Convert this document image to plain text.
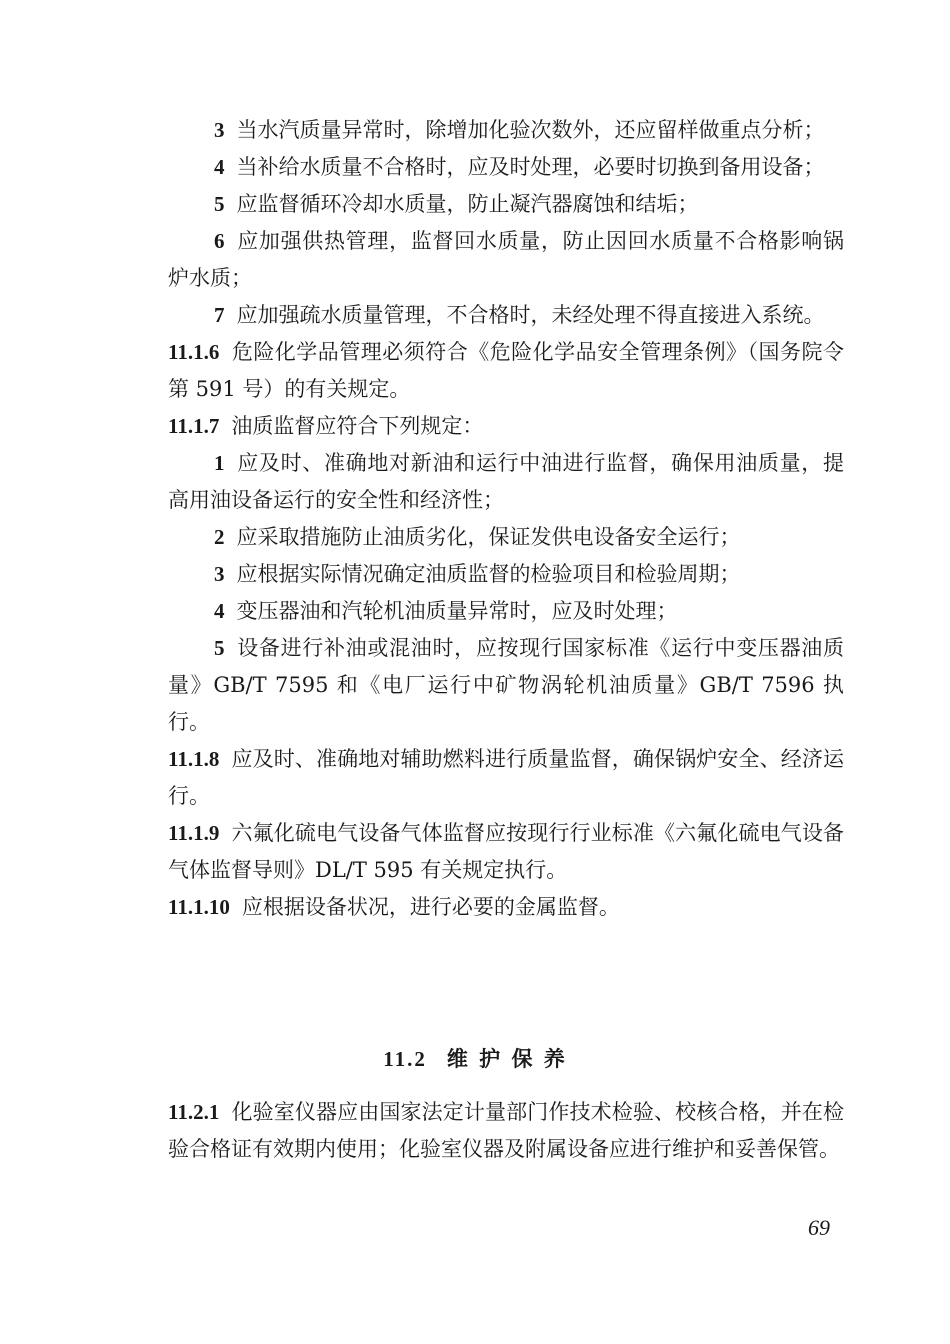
3 当水汽质量异常时，除增加化验次数外，还应留样做重点分析；
4 当补给水质量不合格时，应及时处理，必要时切换到备用设备；
5 应监督循环冷却水质量，防止凝汽器腐蚀和结垢；
6 应加强供热管理，监督回水质量，防止因回水质量不合格影响锅炉水质；
7 应加强疏水质量管理，不合格时，未经处理不得直接进入系统。
11.1.6 危险化学品管理必须符合《危险化学品安全管理条例》（国务院令第 591 号）的有关规定。
11.1.7 油质监督应符合下列规定：
1 应及时、准确地对新油和运行中油进行监督，确保用油质量，提高用油设备运行的安全性和经济性；
2 应采取措施防止油质劣化，保证发供电设备安全运行；
3 应根据实际情况确定油质监督的检验项目和检验周期；
4 变压器油和汽轮机油质量异常时，应及时处理；
5 设备进行补油或混油时，应按现行国家标准《运行中变压器油质量》GB/T 7595 和《电厂运行中矿物涡轮机油质量》GB/T 7596 执行。
11.1.8 应及时、准确地对辅助燃料进行质量监督，确保锅炉安全、经济运行。
11.1.9 六氟化硫电气设备气体监督应按现行行业标准《六氟化硫电气设备气体监督导则》DL/T 595 有关规定执行。
11.1.10 应根据设备状况，进行必要的金属监督。
11.2 维 护 保 养
11.2.1 化验室仪器应由国家法定计量部门作技术检验、校核合格，并在检验合格证有效期内使用；化验室仪器及附属设备应进行维护和妥善保管。
69
